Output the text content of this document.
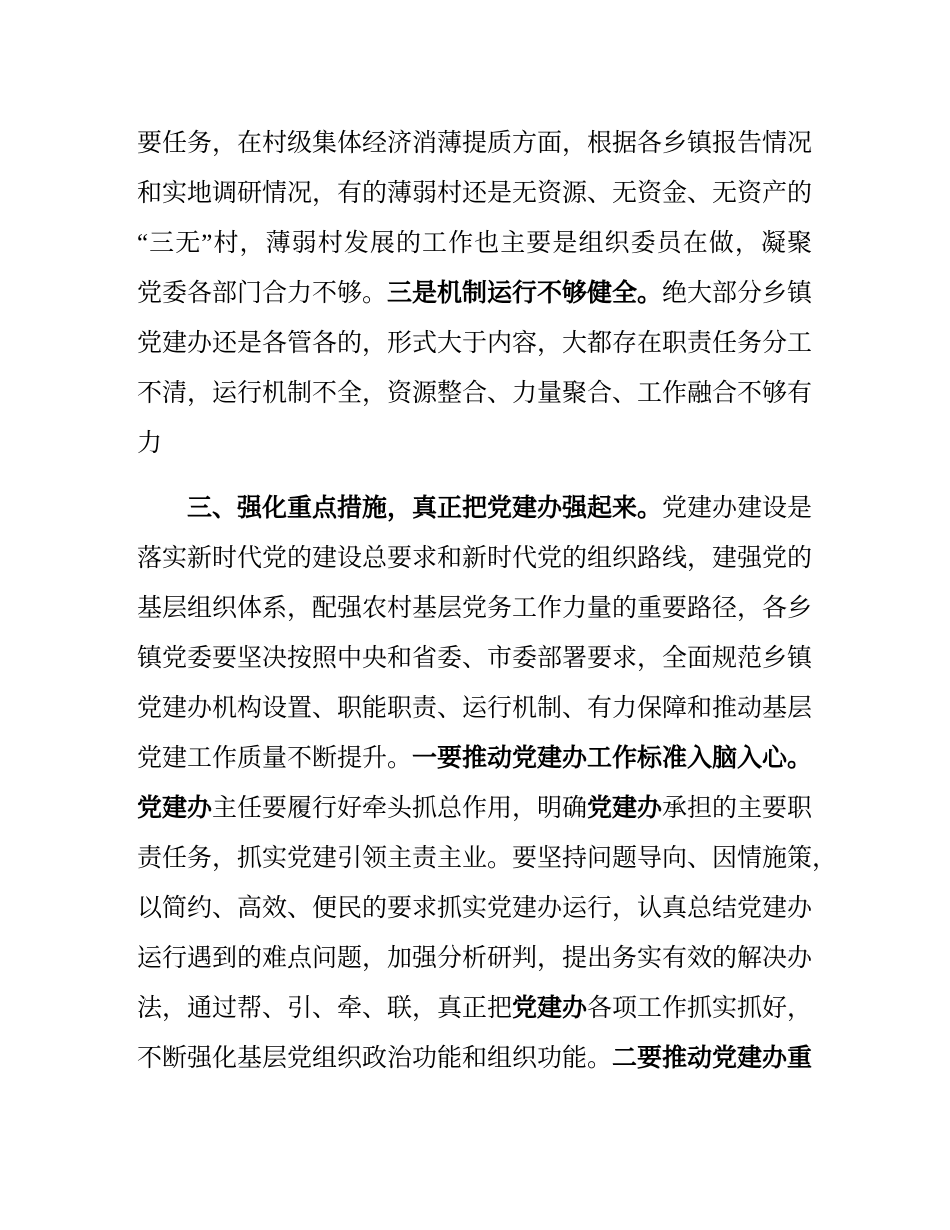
要任务，在村级集体经济消薄提质方面，根据各乡镇报告情况
和实地调研情况，有的薄弱村还是无资源、无资金、无资产的
“三无”村，薄弱村发展的工作也主要是组织委员在做，凝聚
党委各部门合力不够。三是机制运行不够健全。绝大部分乡镇
党建办还是各管各的，形式大于内容，大都存在职责任务分工
不清，运行机制不全，资源整合、力量聚合、工作融合不够有
力
三、强化重点措施，真正把党建办强起来。党建办建设是
落实新时代党的建设总要求和新时代党的组织路线，建强党的
基层组织体系，配强农村基层党务工作力量的重要路径，各乡
镇党委要坚决按照中央和省委、市委部署要求，全面规范乡镇
党建办机构设置、职能职责、运行机制、有力保障和推动基层
党建工作质量不断提升。一要推动党建办工作标准入脑入心。
党建办主任要履行好牵头抓总作用，明确党建办承担的主要职
责任务，抓实党建引领主责主业。要坚持问题导向、因情施策，
以简约、高效、便民的要求抓实党建办运行，认真总结党建办
运行遇到的难点问题，加强分析研判，提出务实有效的解决办
法，通过帮、引、牵、联，真正把党建办各项工作抓实抓好，
不断强化基层党组织政治功能和组织功能。二要推动党建办重
